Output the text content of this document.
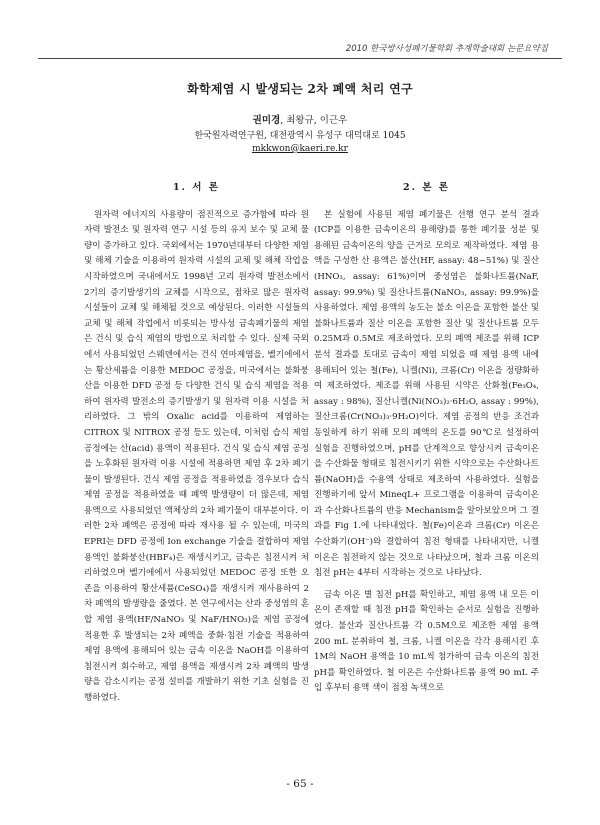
2010 한국방사성폐기물학회 추계학술대회 논문요약집
화학제염 시 발생되는 2차 폐액 처리 연구
권미경, 최왕규, 이근우
한국원자력연구원, 대전광역시 유성구 대덕대로 1045
mkkwon@kaeri.re.kr
1. 서 론

원자력 에너지의 사용량이 점진적으로 증가함에 따라 원자력 발전소 및 원자력 연구 시설 등의 유지 보수 및 교체 물량이 증가하고 있다. 국외에서는 1970년대부터 다양한 제염 및 해체 기술을 이용하여 원자력 시설의 교체 및 해체 작업을 시작하였으며 국내에서도 1998년 고리 원자력 발전소에서 2기의 증기발생기의 교체를 시작으로, 점차로 많은 원자력 시설들이 교체 및 해체될 것으로 예상된다. 이러한 시설들의 교체 및 해체 작업에서 비롯되는 방사성 금속폐기물의 제염은 건식 및 습식 제염의 방법으로 처리할 수 있다. 실제 국외에서 사용되었던 스웨덴에서는 건식 연마제염을, 벨기에에서는 황산세륨을 이용한 MEDOC 공정을, 미국에서는 불화붕산을 이용한 DFD 공정 등 다양한 건식 및 습식 제염을 적용하여 원자력 발전소의 증기발생기 및 원자력 이용 시설을 처리하였다. 그 밖의 Oxalic acid를 이용하여 제염하는 CITROX 및 NITROX 공정 등도 있는데, 이처럼 습식 제염 공정에는 산(acid) 용액이 적용된다. 건식 및 습식 제염 공정을 노후화된 원자력 이용 시설에 적용하면 제염 후 2차 폐기물이 발생된다. 건식 제염 공정을 적용하였을 경우보다 습식 제염 공정을 적용하였을 때 폐액 발생량이 더 많은데, 제염 용액으로 사용되었던 액체상의 2차 폐기물이 대부분이다. 이러한 2차 폐액은 공정에 따라 재사용 될 수 있는데, 미국의 EPRI는 DFD 공정에 Ion exchange 기술을 결합하여 제염 용액인 불화붕산(HBF₄)은 재생시키고, 금속은 침전시켜 처리하였으며 벨기에에서 사용되었던 MEDOC 공정 또한 오존을 이용하여 황산세륨(CeSO₄)를 재생시켜 재사용하여 2차 폐액의 발생량을 줄였다. 본 연구에서는 산과 중성염의 혼합 제염 용액(HF/NaNO₃ 및 NaF/HNO₃)을 제염 공정에 적용한 후 발생되는 2차 폐액을 중화·침전 기술을 적용하여 제염 용액에 용해되어 있는 금속 이온을 NaOH를 이용하여 침전시켜 회수하고, 제염 용액을 재생시켜 2차 폐액의 발생량을 감소시키는 공정 설비를 개발하기 위한 기초 실험을 진행하였다.

2. 본 론

본 실험에 사용된 제염 폐기물은 선행 연구 분석 결과(ICP를 이용한 금속이온의 용해량)를 통한 폐기물 성분 및 용해된 금속이온의 양을 근거로 모의로 제작하였다. 제염 용액을 구성한 산 용액은 불산(HF, assay: 48~51%) 및 질산(HNO₃, assay: 61%)이며 중성염은 불화나트륨(NaF, assay: 99.9%) 및 질산나트륨(NaNO₃, assay: 99.9%)을 사용하였다. 제염 용액의 농도는 불소 이온을 포함한 불산 및 불화나트륨과 질산 이온을 포함한 질산 및 질산나트륨 모두 0.25M과 0.5M로 제조하였다. 모의 폐액 제조를 위해 ICP 분석 결과를 토대로 금속이 제염 되었을 때 제염 용액 내에 용해되어 있는 철(Fe), 니켈(Ni), 크롬(Cr) 이온을 정량화하여 제조하였다. 제조를 위해 사용된 시약은 산화철(Fe₃O₄, assay : 98%), 질산니켈(Ni(NO₃)₂·6H₂O, assay : 99%), 질산크롬(Cr(NO₃)₃·9H₂O)이다. 제염 공정의 반응 조건과 동일하게 하기 위해 모의 폐액의 온도를 90℃로 설정하여 실험을 진행하였으며, pH를 단계적으로 향상시켜 금속이온을 수산화물 형태로 침전시키기 위한 시약으로는 수산화나트륨(NaOH)을 수용액 상태로 제조하여 사용하였다. 실험을 진행하기에 앞서 MineqL+ 프로그램을 이용하여 금속이온과 수산화나트륨의 반응 Mechanism을 알아보았으며 그 결과를 Fig 1.에 나타내었다. 철(Fe)이온과 크롬(Cr) 이온은 수산화기(OH⁻)와 결합하여 침전 형태를 나타내지만, 니켈 이온은 침전하지 않는 것으로 나타났으며, 철과 크롬 이온의 침전 pH는 4부터 시작하는 것으로 나타났다.

금속 이온 별 침전 pH를 확인하고, 제염 용액 내 모든 이온이 존재할 때 침전 pH를 확인하는 순서로 실험을 진행하였다. 불산과 질산나트륨 각 0.5M으로 제조한 제염 용액 200 mL 분취하여 철, 크롬, 니켈 이온을 각각 용해시킨 후 1M의 NaOH 용액을 10 mL씩 첨가하여 금속 이온의 침전 pH를 확인하였다. 철 이온은 수산화나트륨 용액 90 mL 주입 후부터 용액 색이 점점 녹색으로

- 65 -
